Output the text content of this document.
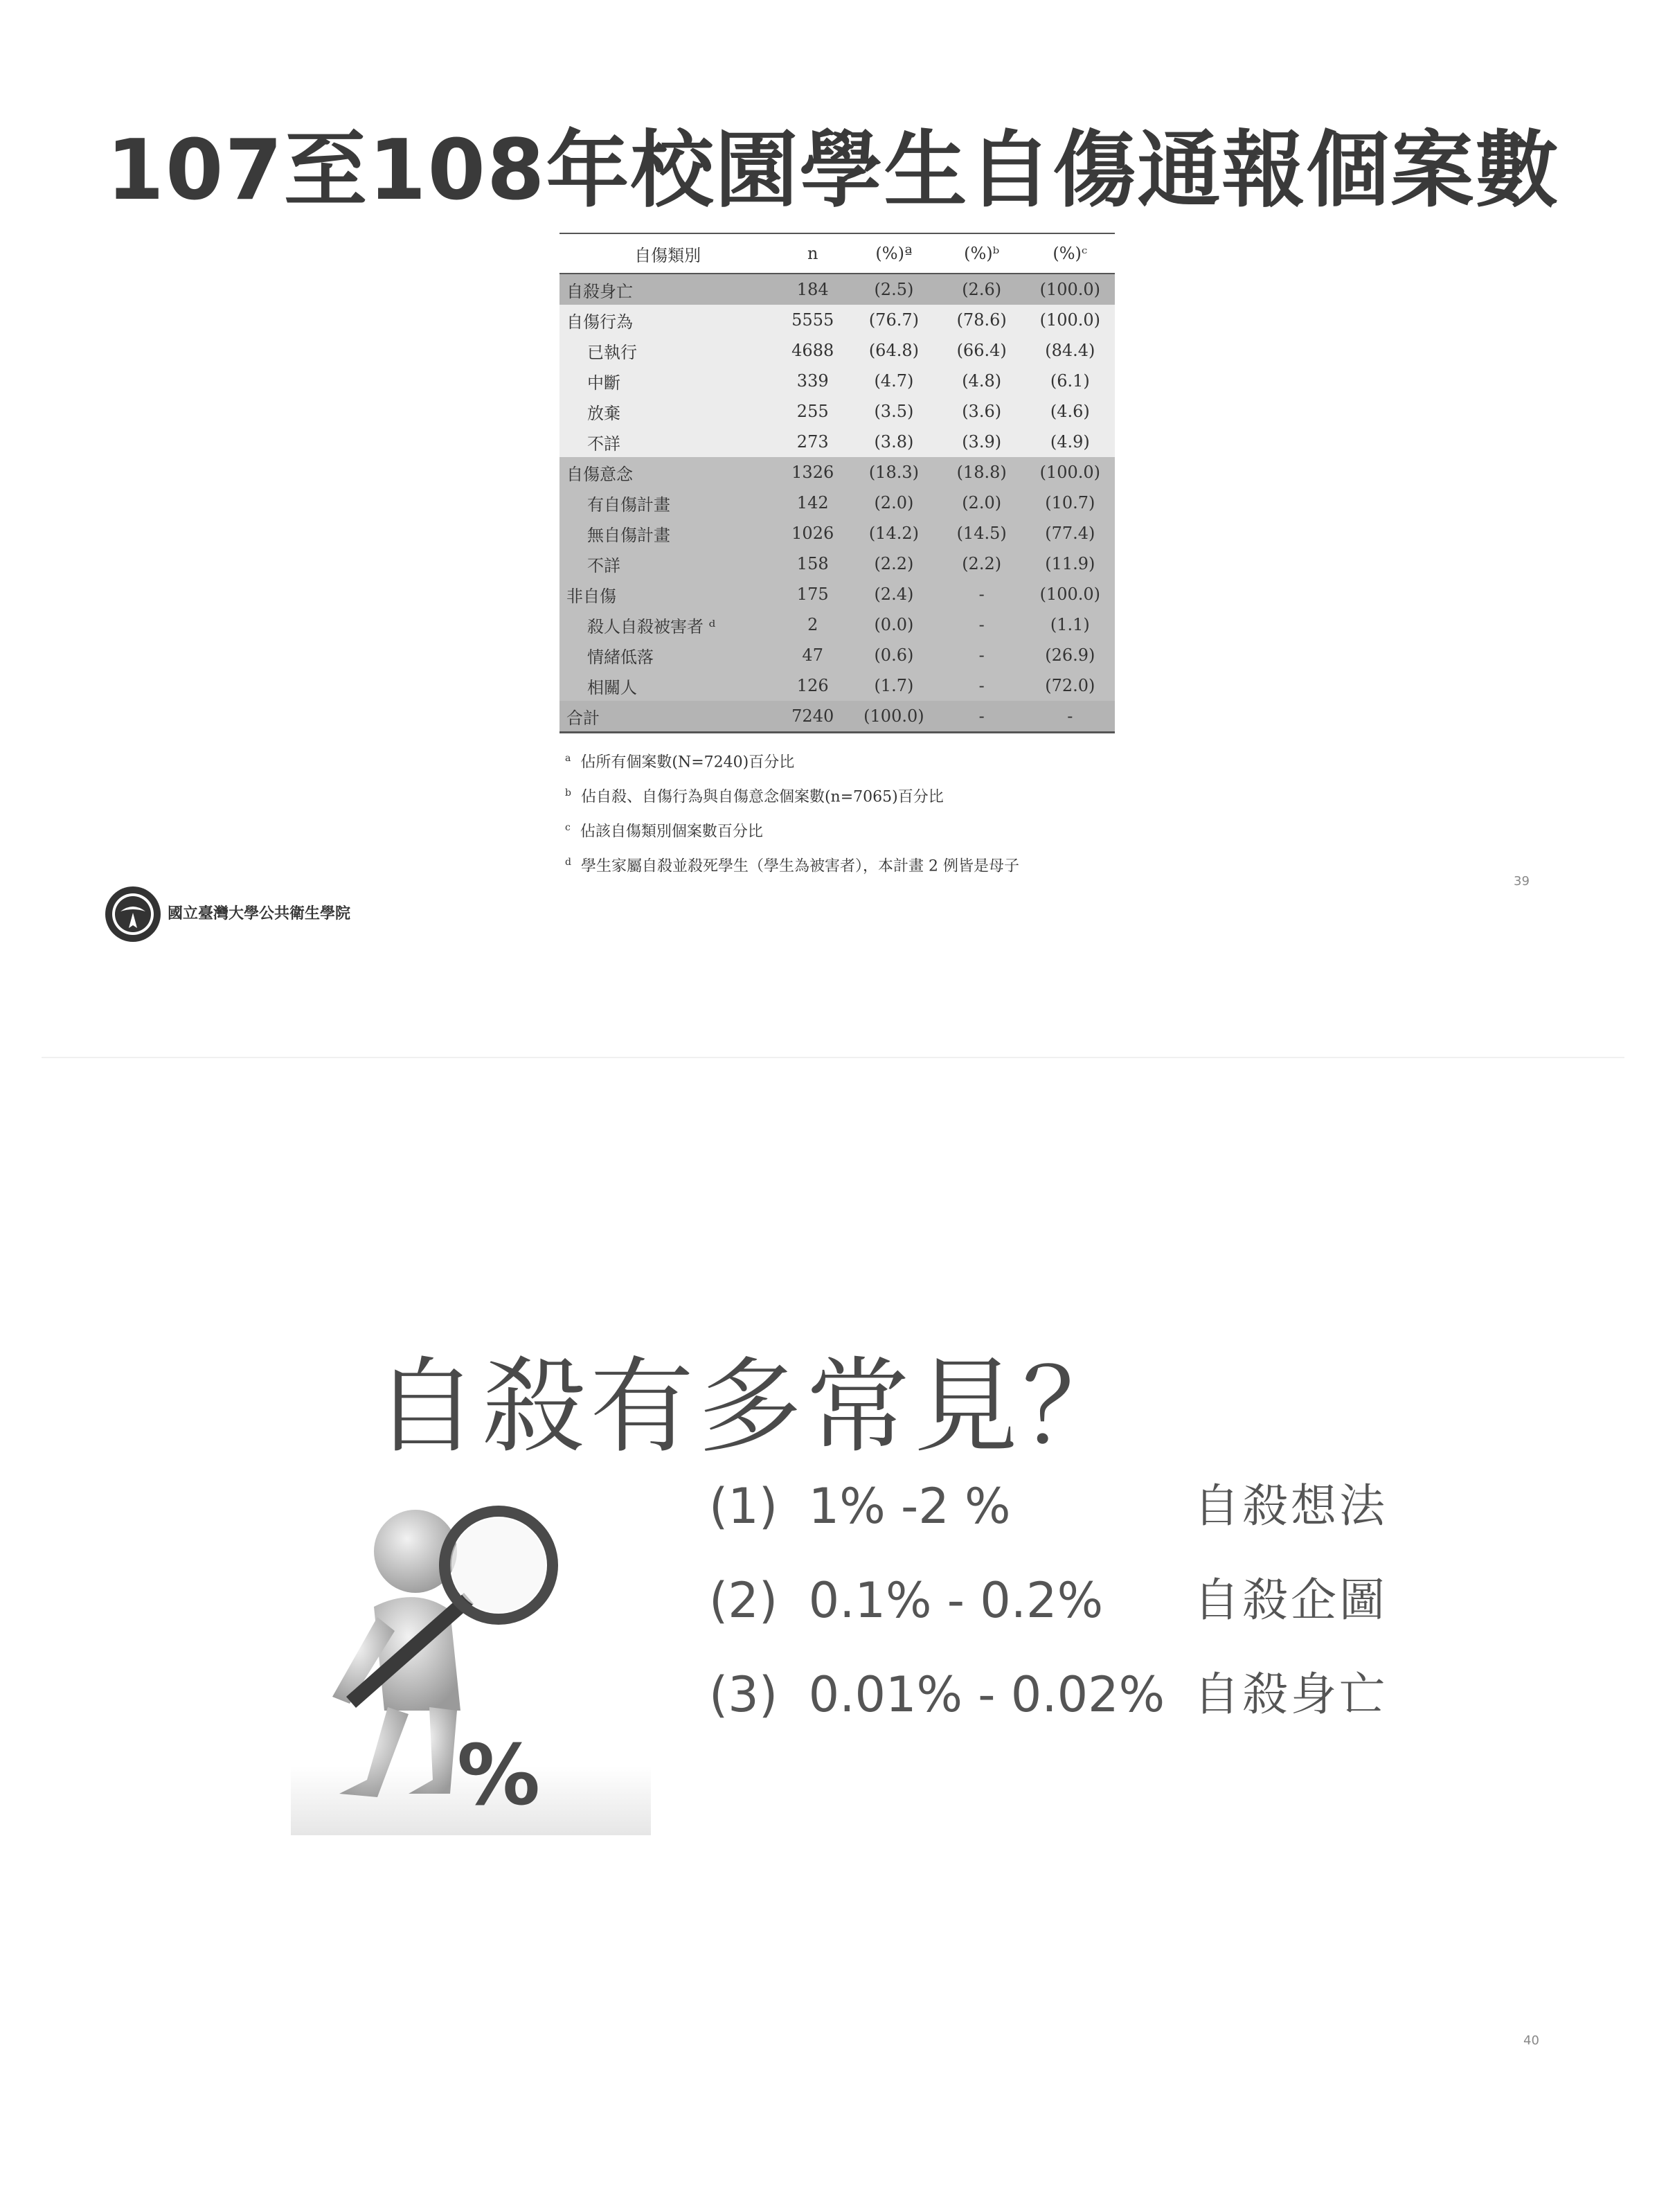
107至108年校園學生自傷通報個案數
自傷類別	n	(%)ª	(%)ᵇ	(%)ᶜ
自殺身亡	184	(2.5)	(2.6)	(100.0)
自傷行為	5555	(76.7)	(78.6)	(100.0)
已執行	4688	(64.8)	(66.4)	(84.4)
中斷	339	(4.7)	(4.8)	(6.1)
放棄	255	(3.5)	(3.6)	(4.6)
不詳	273	(3.8)	(3.9)	(4.9)
自傷意念	1326	(18.3)	(18.8)	(100.0)
有自傷計畫	142	(2.0)	(2.0)	(10.7)
無自傷計畫	1026	(14.2)	(14.5)	(77.4)
不詳	158	(2.2)	(2.2)	(11.9)
非自傷	175	(2.4)	-	(100.0)
殺人自殺被害者 ᵈ	2	(0.0)	-	(1.1)
情緒低落	47	(0.6)	-	(26.9)
相關人	126	(1.7)	-	(72.0)
合計	7240	(100.0)	-	-
$^a$ 佔所有個案數(N=7240)百分比
$^b$ 佔自殺、自傷行為與自傷意念個案數(n=7065)百分比
$^c$ 佔該自傷類別個案數百分比
$^d$ 學生家屬自殺並殺死學生（學生為被害者），本計畫 2 例皆是母子
國立臺灣大學公共衛生學院
39
自殺有多常見？
%
(1) 1% -2 %	自殺想法
(2) 0.1% - 0.2% 自殺企圖
(3) 0.01% - 0.02% 自殺身亡
40
